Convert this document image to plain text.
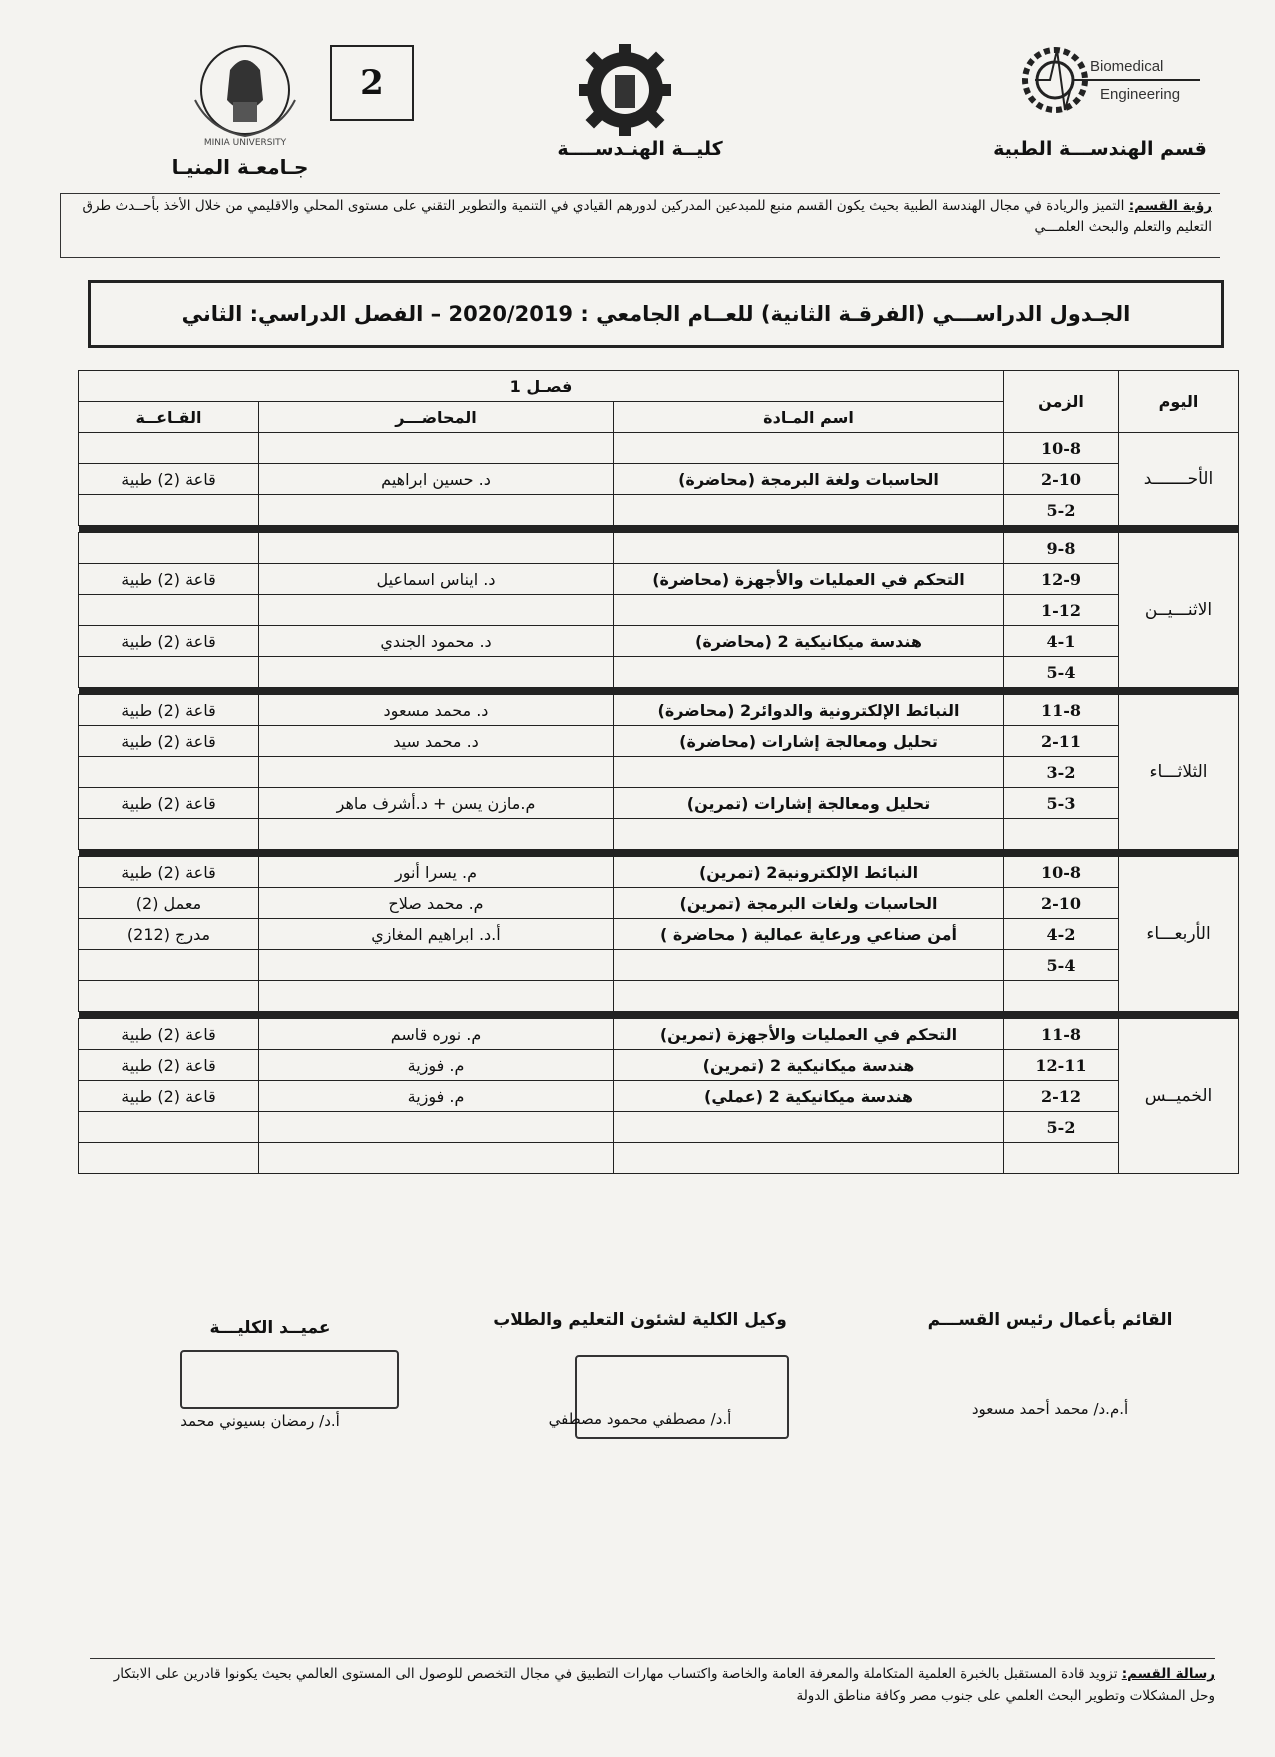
MINIA UNIVERSITY
جـامعـة المنيـا
2
كليــة الهنـدســــة
Biomedical
Engineering
قسم الهندســـة الطبية
رؤية القسم: التميز والريادة في مجال الهندسة الطبية بحيث يكون القسم منبع للمبدعين المدركين لدورهم القيادي في التنمية والتطوير التقني على مستوى المحلي والاقليمي من خلال الأخذ بأحــدث طرق التعليم والتعلم والبحث العلمـــي
الجـدول الدراســـي (الفرقـة الثانية) للعــام الجامعي : 2020/2019 – الفصل الدراسي: الثاني
اليوم	الزمن	فصـل 1		
		اسم المـادة	المحاضـــر	القـاعــة
الأحـــــــد	10-8			
	2-10	الحاسبات ولغة البرمجة (محاضرة)	د. حسين ابراهيم	قاعة (2) طبية
	5-2			

الاثنـــيــن	9-8			
	12-9	التحكم في العمليات والأجهزة (محاضرة)	د. ايناس اسماعيل	قاعة (2) طبية
	1-12			
	4-1	هندسة ميكانيكية 2 (محاضرة)	د. محمود الجندي	قاعة (2) طبية
	5-4			

الثلاثـــاء	11-8	النبائط الإلكترونية والدوائر2 (محاضرة)	د. محمد مسعود	قاعة (2) طبية
	2-11	تحليل ومعالجة إشارات (محاضرة)	د. محمد سيد	قاعة (2) طبية
	3-2			
	5-3	تحليل ومعالجة إشارات (تمرين)	م.مازن يسن + د.أشرف ماهر	قاعة (2) طبية

الأربعـــاء	10-8	النبائط الإلكترونية2 (تمرين)	م. يسرا أنور	قاعة (2) طبية
	2-10	الحاسبات ولغات البرمجة (تمرين)	م. محمد صلاح	معمل (2)
	4-2	أمن صناعي ورعاية عمالية ( محاضرة )	أ.د. ابراهيم المغازي	مدرج (212)
	5-4			

الخميــس	11-8	التحكم في العمليات والأجهزة (تمرين)	م. نوره قاسم	قاعة (2) طبية
	12-11	هندسة ميكانيكية 2 (تمرين)	م. فوزية	قاعة (2) طبية
	2-12	هندسة ميكانيكية 2 (عملي)	م. فوزية	قاعة (2) طبية
	5-2			

القائم بأعمال رئيس القســـم
أ.م.د/ محمد أحمد مسعود
وكيل الكلية لشئون التعليم والطلاب
أ.د/ مصطفي محمود مصطفي
عميــد الكليـــة
أ.د/ رمضان بسيوني محمد
رسالة القسم: تزويد قادة المستقبل بالخبرة العلمية المتكاملة والمعرفة العامة والخاصة واكتساب مهارات التطبيق في مجال التخصص للوصول الى المستوى العالمي بحيث يكونوا قادرين على الابتكار وحل المشكلات وتطوير البحث العلمي على جنوب مصر وكافة مناطق الدولة
